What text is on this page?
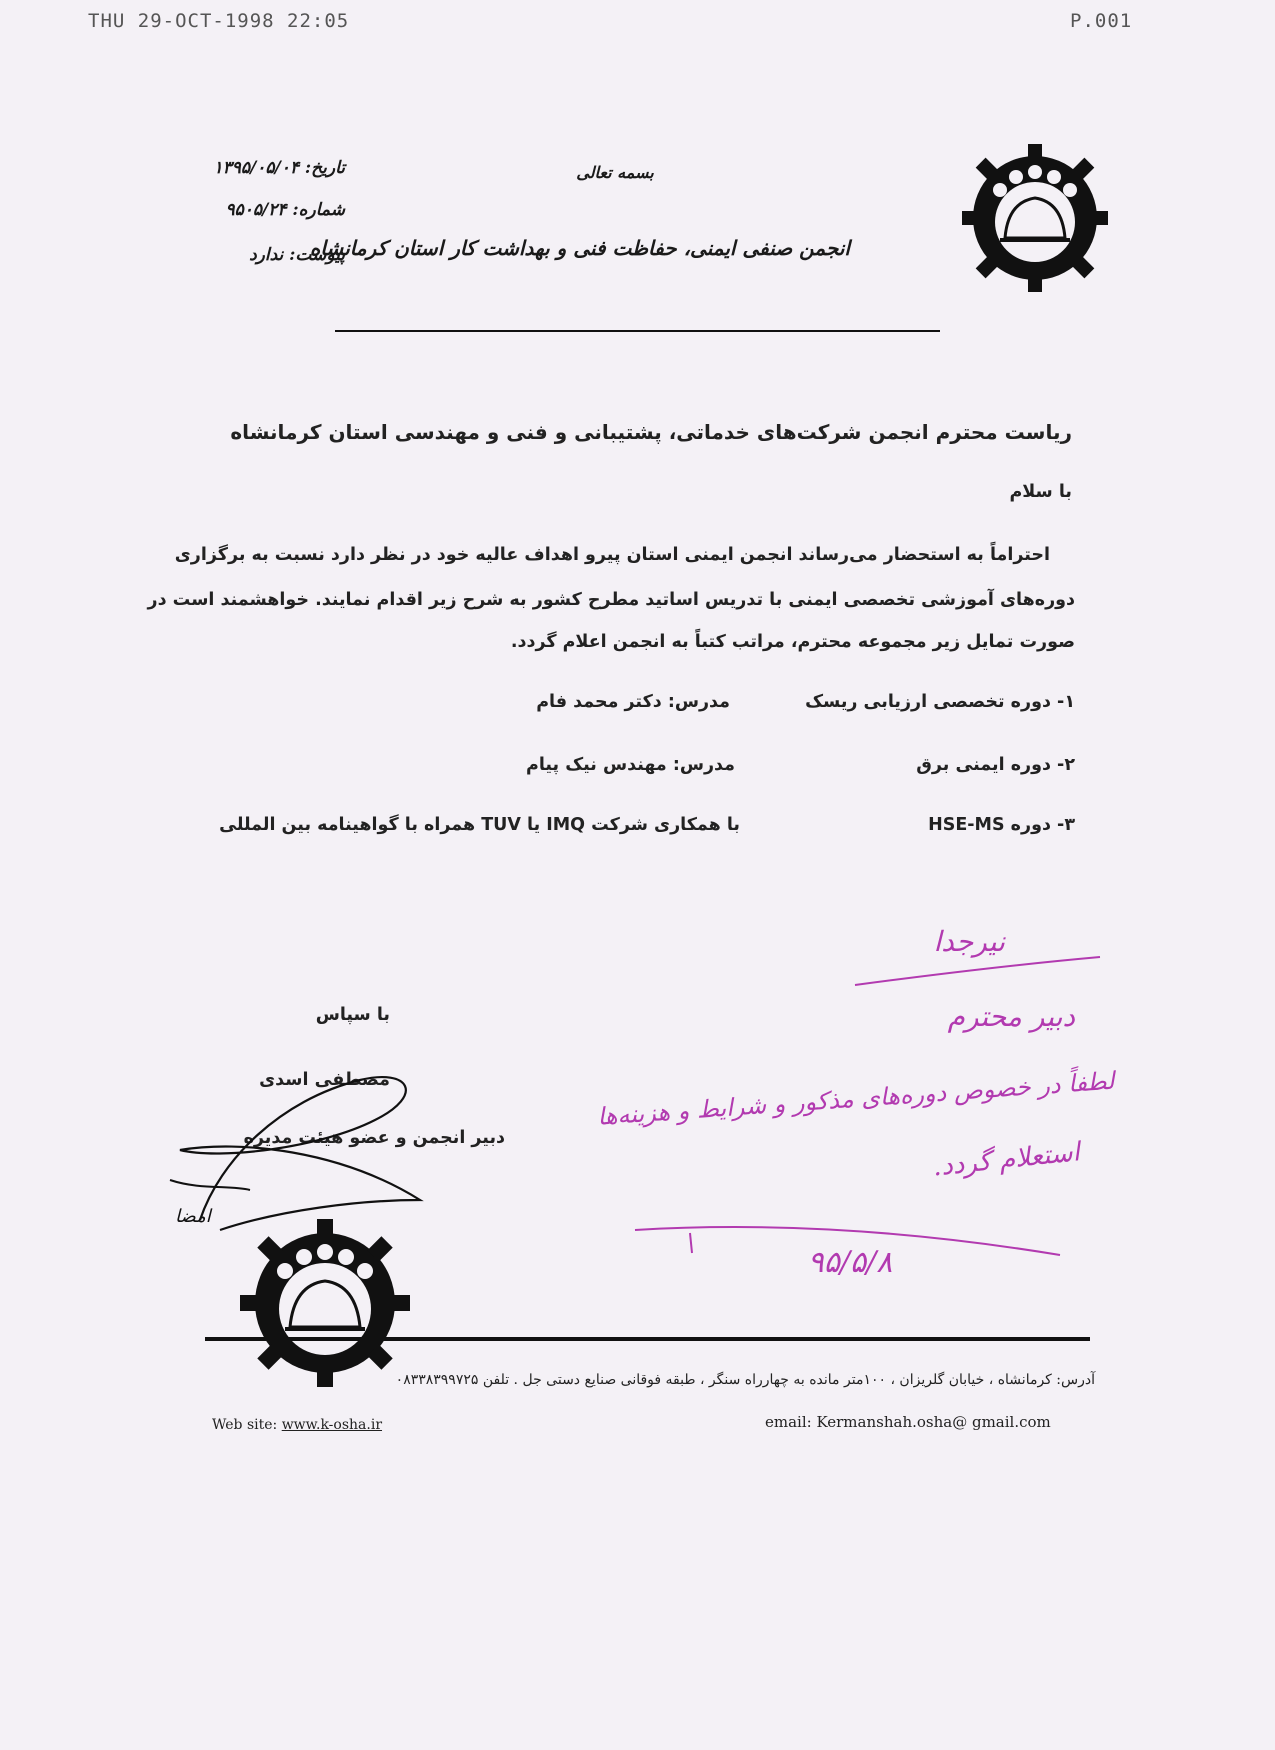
THU 29-OCT-1998 22:05	P.001
بسمه تعالی
انجمن صنفی ایمنی، حفاظت فنی و بهداشت کار استان کرمانشاه
تاریخ: ۱۳۹۵/۰۵/۰۴
شماره: ۹۵۰۵/۲۴
پیوست: ندارد
ریاست محترم انجمن شرکت‌های خدماتی، پشتیبانی و فنی و مهندسی استان کرمانشاه
با سلام
احتراماً به استحضار می‌رساند انجمن ایمنی استان پیرو اهداف عالیه خود در نظر دارد نسبت به برگزاری
دوره‌های آموزشی تخصصی ایمنی با تدریس اساتید مطرح کشور به شرح زیر اقدام نمایند. خواهشمند است در
صورت تمایل زیر مجموعه محترم، مراتب کتباً به انجمن اعلام گردد.
۱- دوره تخصصی ارزیابی ریسک
مدرس: دکتر محمد فام
۲- دوره ایمنی برق
مدرس: مهندس نیک پیام
۳- دوره HSE-MS
با همکاری شرکت IMQ یا TUV همراه با گواهینامه بین المللی
با سپاس
مصطفی اسدی
دبیر انجمن و عضو هیئت مدیره
امضا
نیرجدا
دبیر محترم
لطفاً در خصوص دوره‌های مذکور و شرایط و هزینه‌ها
استعلام گردد.
۹۵/۵/۸
آدرس: کرمانشاه ، خیابان گلریزان ، ۱۰۰متر مانده به چهارراه سنگر ، طبقه فوقانی صنایع دستی جل . تلفن ۰۸۳۳۸۳۹۹۷۲۵
Web site: www.k-osha.ir	email: Kermanshah.osha@ gmail.com
